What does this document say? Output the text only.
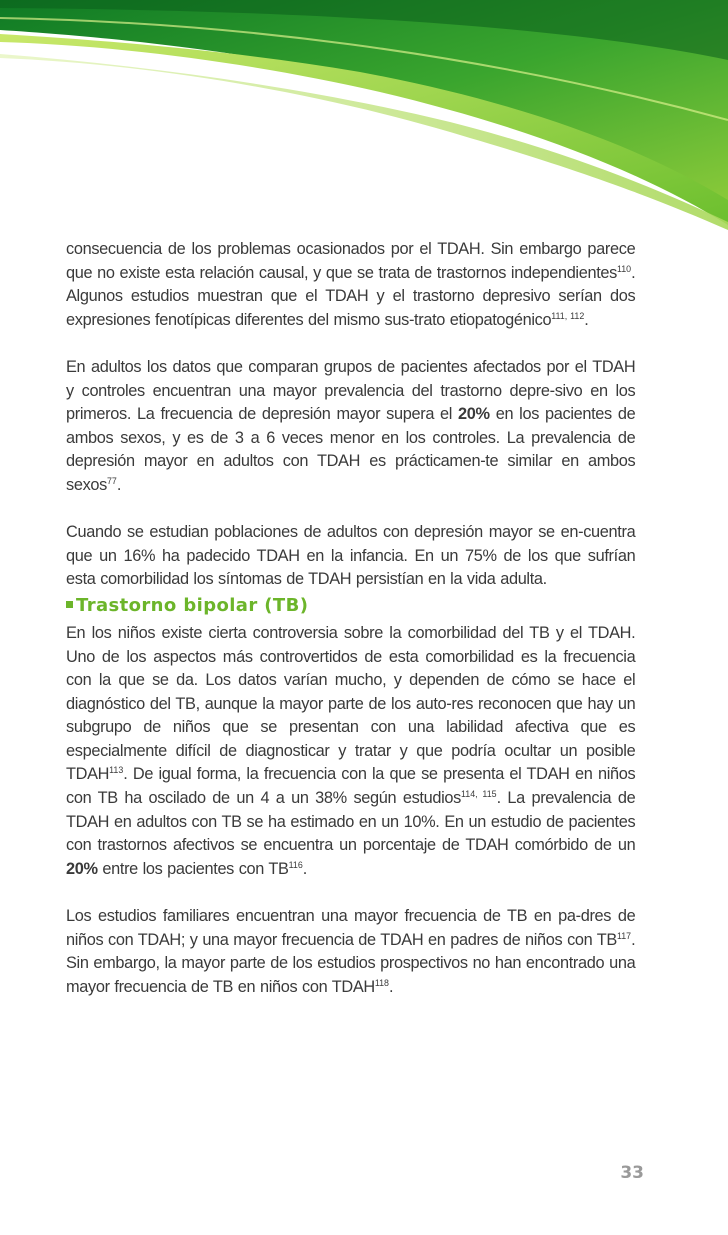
consecuencia de los problemas ocasionados por el TDAH. Sin embargo parece que no existe esta relación causal, y que se trata de trastornos independientes$^{110}$. Algunos estudios muestran que el TDAH y el trastorno depresivo serían dos expresiones fenotípicas diferentes del mismo sus-trato etiopatogénico$^{111, 112}$.

En adultos los datos que comparan grupos de pacientes afectados por el TDAH y controles encuentran una mayor prevalencia del trastorno depre-sivo en los primeros. La frecuencia de depresión mayor supera el 20% en los pacientes de ambos sexos, y es de 3 a 6 veces menor en los controles. La prevalencia de depresión mayor en adultos con TDAH es prácticamen-te similar en ambos sexos$^{77}$.

Cuando se estudian poblaciones de adultos con depresión mayor se en-cuentra que un 16% ha padecido TDAH en la infancia. En un 75% de los que sufrían esta comorbilidad los síntomas de TDAH persistían en la vida adulta.

Trastorno bipolar (TB)

En los niños existe cierta controversia sobre la comorbilidad del TB y el TDAH. Uno de los aspectos más controvertidos de esta comorbilidad es la frecuencia con la que se da. Los datos varían mucho, y dependen de cómo se hace el diagnóstico del TB, aunque la mayor parte de los auto-res reconocen que hay un subgrupo de niños que se presentan con una labilidad afectiva que es especialmente difícil de diagnosticar y tratar y que podría ocultar un posible TDAH$^{113}$. De igual forma, la frecuencia con la que se presenta el TDAH en niños con TB ha oscilado de un 4 a un 38% según estudios$^{114, 115}$. La prevalencia de TDAH en adultos con TB se ha estimado en un 10%. En un estudio de pacientes con trastornos afectivos se encuentra un porcentaje de TDAH comórbido de un 20% entre los pacientes con TB$^{116}$.

Los estudios familiares encuentran una mayor frecuencia de TB en pa-dres de niños con TDAH; y una mayor frecuencia de TDAH en padres de niños con TB$^{117}$. Sin embargo, la mayor parte de los estudios prospectivos no han encontrado una mayor frecuencia de TB en niños con TDAH$^{118}$.

33
